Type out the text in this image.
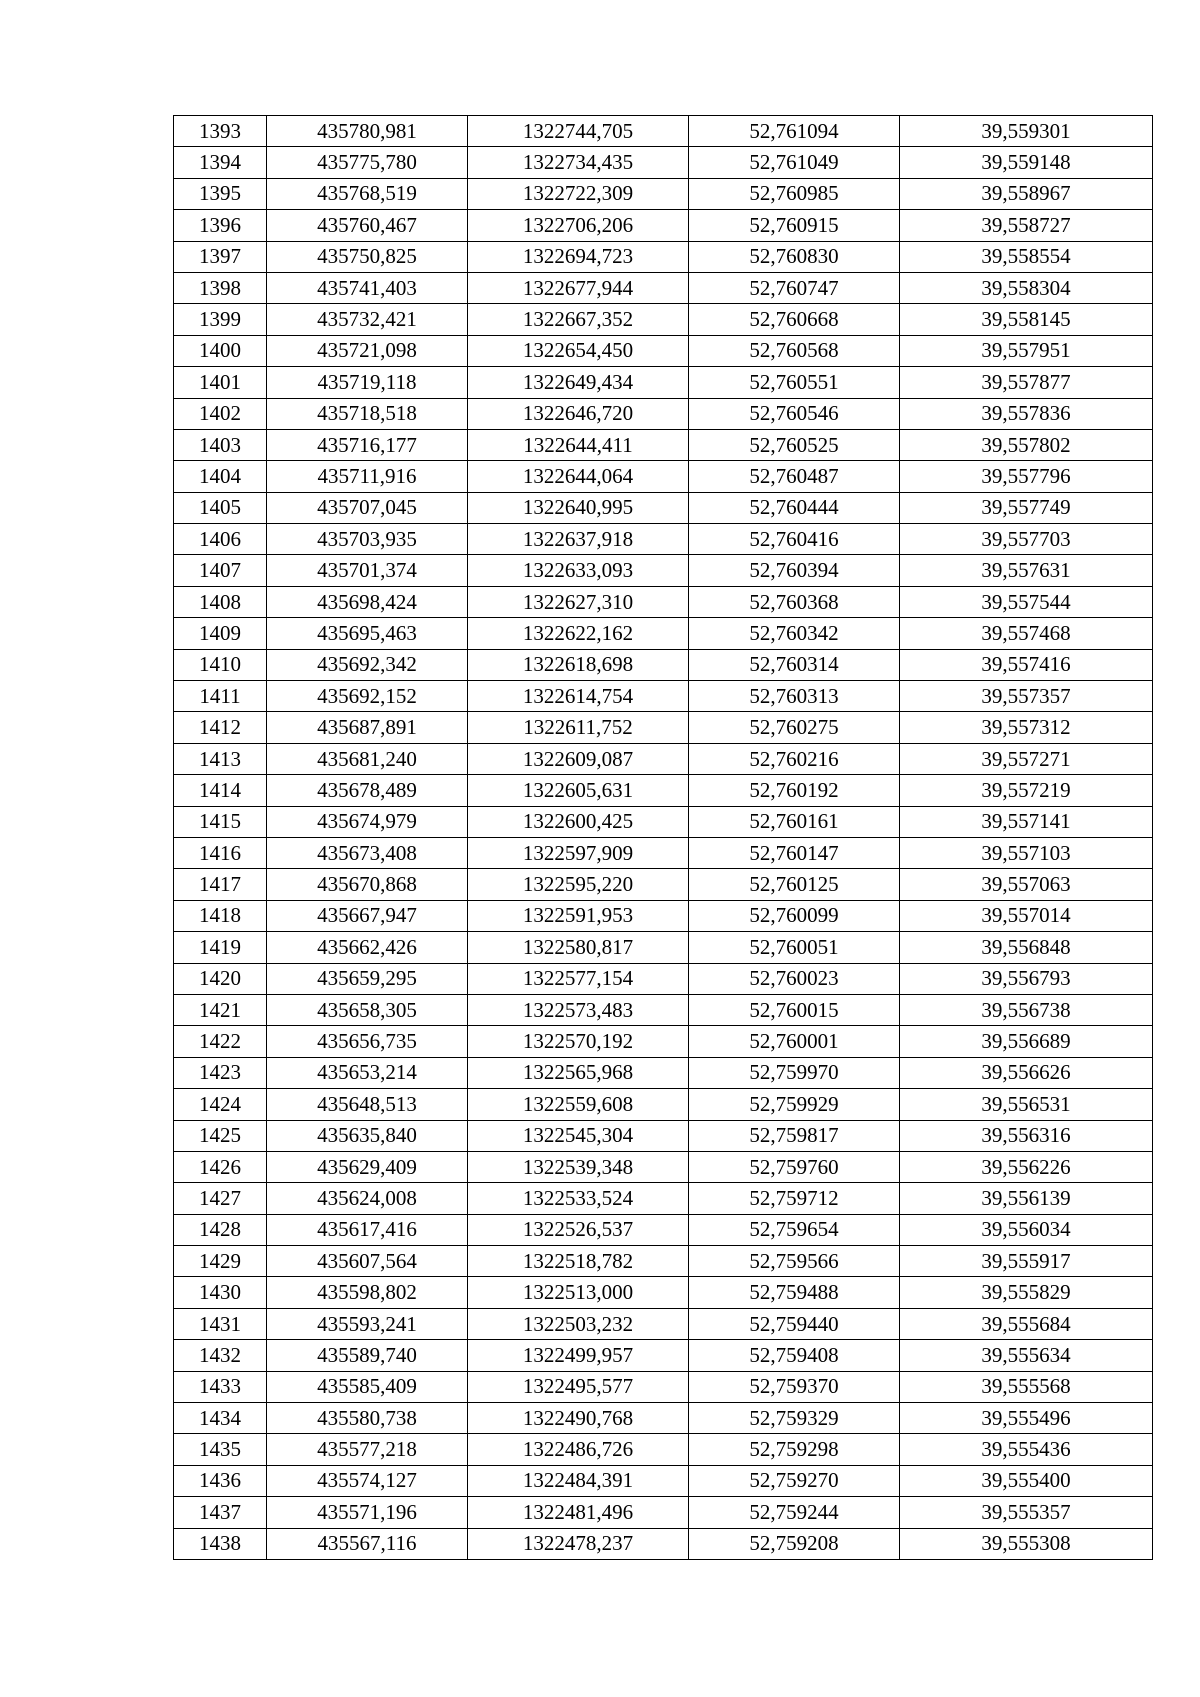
1393	435780,981	1322744,705	52,761094	39,559301
1394	435775,780	1322734,435	52,761049	39,559148
1395	435768,519	1322722,309	52,760985	39,558967
1396	435760,467	1322706,206	52,760915	39,558727
1397	435750,825	1322694,723	52,760830	39,558554
1398	435741,403	1322677,944	52,760747	39,558304
1399	435732,421	1322667,352	52,760668	39,558145
1400	435721,098	1322654,450	52,760568	39,557951
1401	435719,118	1322649,434	52,760551	39,557877
1402	435718,518	1322646,720	52,760546	39,557836
1403	435716,177	1322644,411	52,760525	39,557802
1404	435711,916	1322644,064	52,760487	39,557796
1405	435707,045	1322640,995	52,760444	39,557749
1406	435703,935	1322637,918	52,760416	39,557703
1407	435701,374	1322633,093	52,760394	39,557631
1408	435698,424	1322627,310	52,760368	39,557544
1409	435695,463	1322622,162	52,760342	39,557468
1410	435692,342	1322618,698	52,760314	39,557416
1411	435692,152	1322614,754	52,760313	39,557357
1412	435687,891	1322611,752	52,760275	39,557312
1413	435681,240	1322609,087	52,760216	39,557271
1414	435678,489	1322605,631	52,760192	39,557219
1415	435674,979	1322600,425	52,760161	39,557141
1416	435673,408	1322597,909	52,760147	39,557103
1417	435670,868	1322595,220	52,760125	39,557063
1418	435667,947	1322591,953	52,760099	39,557014
1419	435662,426	1322580,817	52,760051	39,556848
1420	435659,295	1322577,154	52,760023	39,556793
1421	435658,305	1322573,483	52,760015	39,556738
1422	435656,735	1322570,192	52,760001	39,556689
1423	435653,214	1322565,968	52,759970	39,556626
1424	435648,513	1322559,608	52,759929	39,556531
1425	435635,840	1322545,304	52,759817	39,556316
1426	435629,409	1322539,348	52,759760	39,556226
1427	435624,008	1322533,524	52,759712	39,556139
1428	435617,416	1322526,537	52,759654	39,556034
1429	435607,564	1322518,782	52,759566	39,555917
1430	435598,802	1322513,000	52,759488	39,555829
1431	435593,241	1322503,232	52,759440	39,555684
1432	435589,740	1322499,957	52,759408	39,555634
1433	435585,409	1322495,577	52,759370	39,555568
1434	435580,738	1322490,768	52,759329	39,555496
1435	435577,218	1322486,726	52,759298	39,555436
1436	435574,127	1322484,391	52,759270	39,555400
1437	435571,196	1322481,496	52,759244	39,555357
1438	435567,116	1322478,237	52,759208	39,555308
